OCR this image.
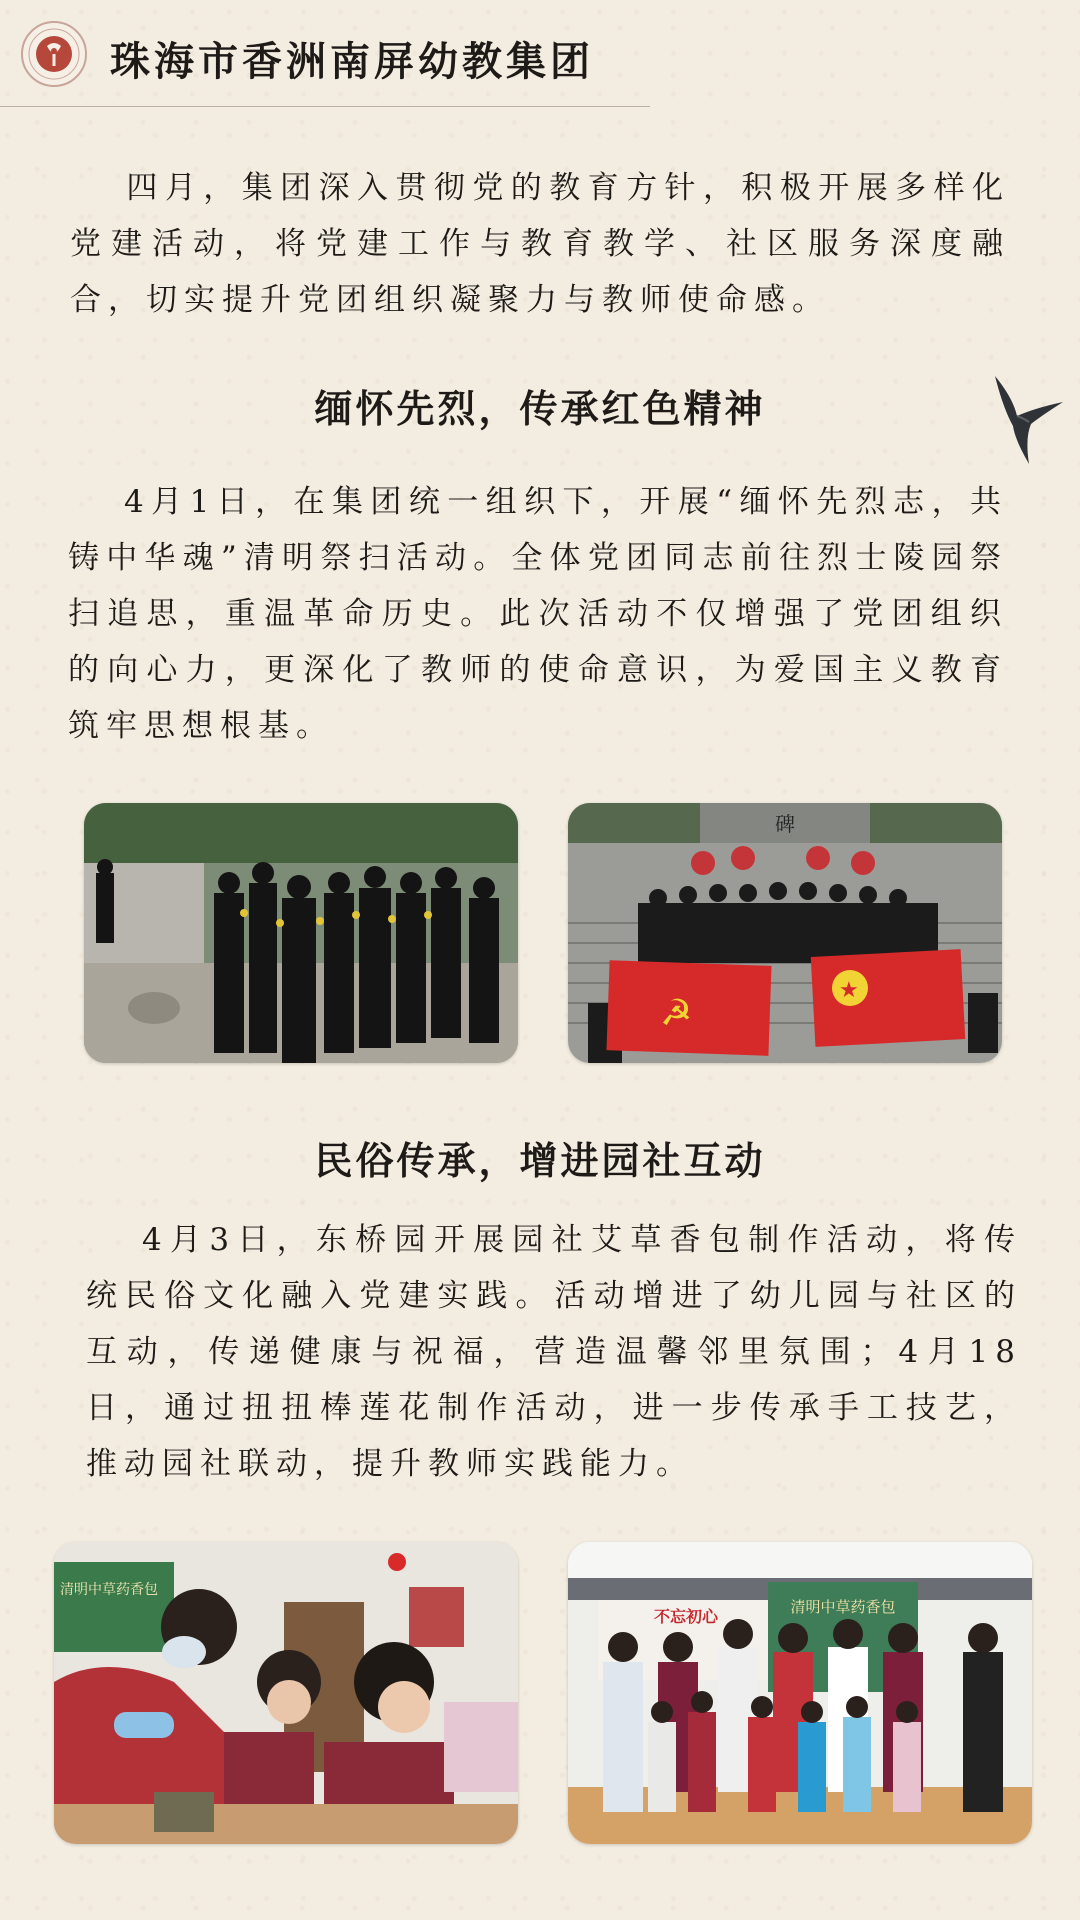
珠海市香洲南屏幼教集团

四月，集团深入贯彻党的教育方针，积极开展多样化党建活动，将党建工作与教育教学、社区服务深度融合，切实提升党团组织凝聚力与教师使命感。

缅怀先烈，传承红色精神

4月1日，在集团统一组织下，开展“缅怀先烈志，共铸中华魂”清明祭扫活动。全体党团同志前往烈士陵园祭扫追思，重温革命历史。此次活动不仅增强了党团组织的向心力，更深化了教师的使命意识，为爱国主义教育筑牢思想根基。

碑
☭
★
民俗传承，增进园社互动

4月3日，东桥园开展园社艾草香包制作活动，将传统民俗文化融入党建实践。活动增进了幼儿园与社区的互动，传递健康与祝福，营造温馨邻里氛围；4月18日，通过扭扭棒莲花制作活动，进一步传承手工技艺，推动园社联动，提升教师实践能力。

清明中草药香包
不忘初心	清明中草药香包
